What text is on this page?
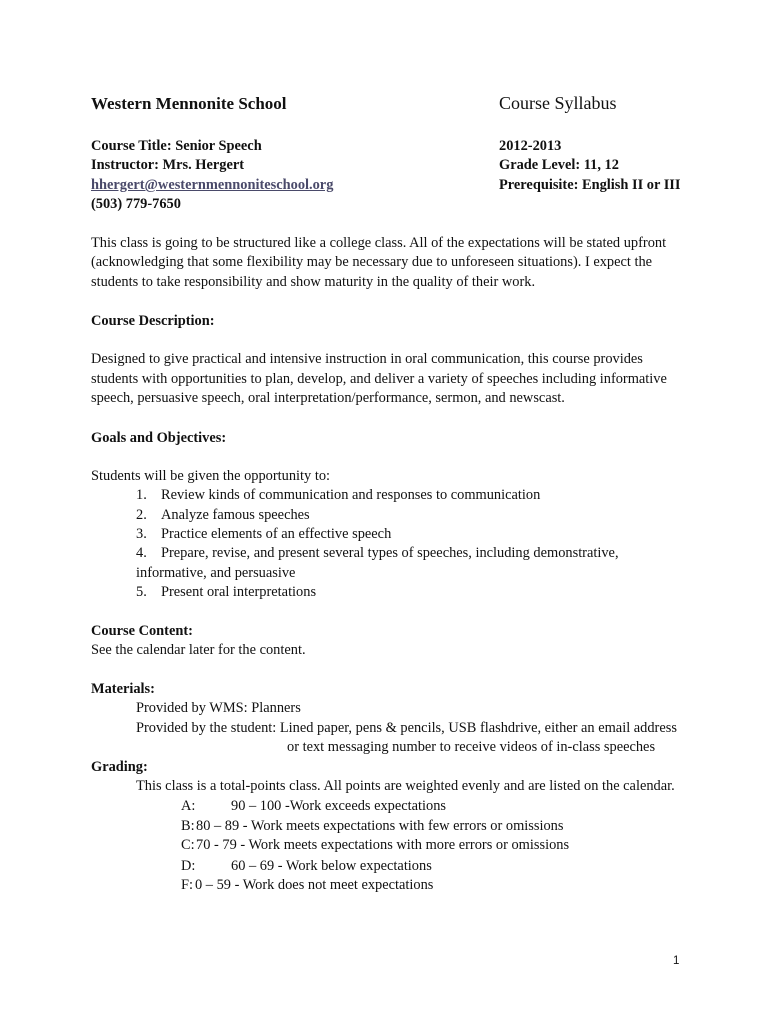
Western Mennonite School	Course Syllabus
Course Title: Senior Speech
Instructor: Mrs. Hergert
hhergert@westernmennoniteschool.org
(503) 779-7650
2012-2013
Grade Level: 11, 12
Prerequisite: English II or III
This class is going to be structured like a college class. All of the expectations will be stated upfront
(acknowledging that some flexibility may be necessary due to unforeseen situations). I expect the
students to take responsibility and show maturity in the quality of their work.
Course Description:
Designed to give practical and intensive instruction in oral communication, this course provides
students with opportunities to plan, develop, and deliver a variety of speeches including informative
speech, persuasive speech, oral interpretation/performance, sermon, and newscast.
Goals and Objectives:
Students will be given the opportunity to:
1. Review kinds of communication and responses to communication
2. Analyze famous speeches
3. Practice elements of an effective speech
4. Prepare, revise, and present several types of speeches, including demonstrative,
informative, and persuasive
5. Present oral interpretations
Course Content:
See the calendar later for the content.
Materials:
Provided by WMS: Planners
Provided by the student: Lined paper, pens & pencils, USB flashdrive, either an email address
or text messaging number to receive videos of in-class speeches
Grading:
This class is a total-points class. All points are weighted evenly and are listed on the calendar.
A: 90 – 100 -Work exceeds expectations
B:80 – 89 - Work meets expectations with few errors or omissions
C:70 - 79 - Work meets expectations with more errors or omissions
D: 60 – 69 - Work below expectations
F: 0 – 59 - Work does not meet expectations
1
